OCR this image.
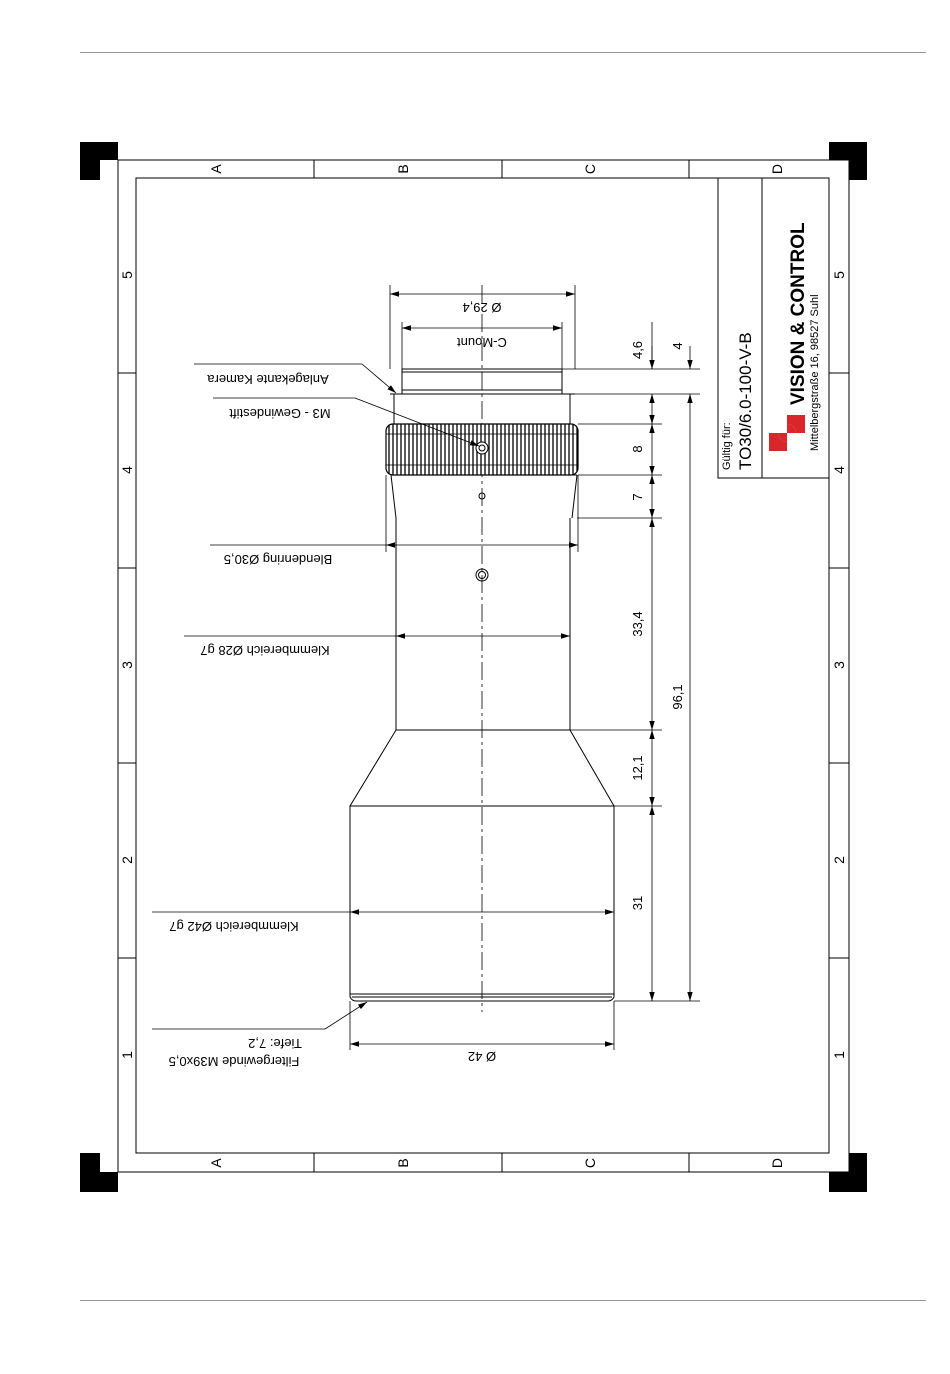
A	B	C	D
A	B	C	D
5
4
3
2
1
5
4
3
2
1
Gültig für: TO30/6.0-100-V-B VISION & CONTROL Mittelbergstraße 16, 98527 Suhl
Ø 29,4
C-Mount
Ø 42
Anlagekante Kamera
M3 - Gewindestift
Blendenring Ø30,5
Klemmbereich Ø28 g7
Klemmbereich Ø42 g7
Tiefe: 7,2
Filtergewinde M39x0,5
4,6 4
8
7
33,4
96,1
12,1
31
